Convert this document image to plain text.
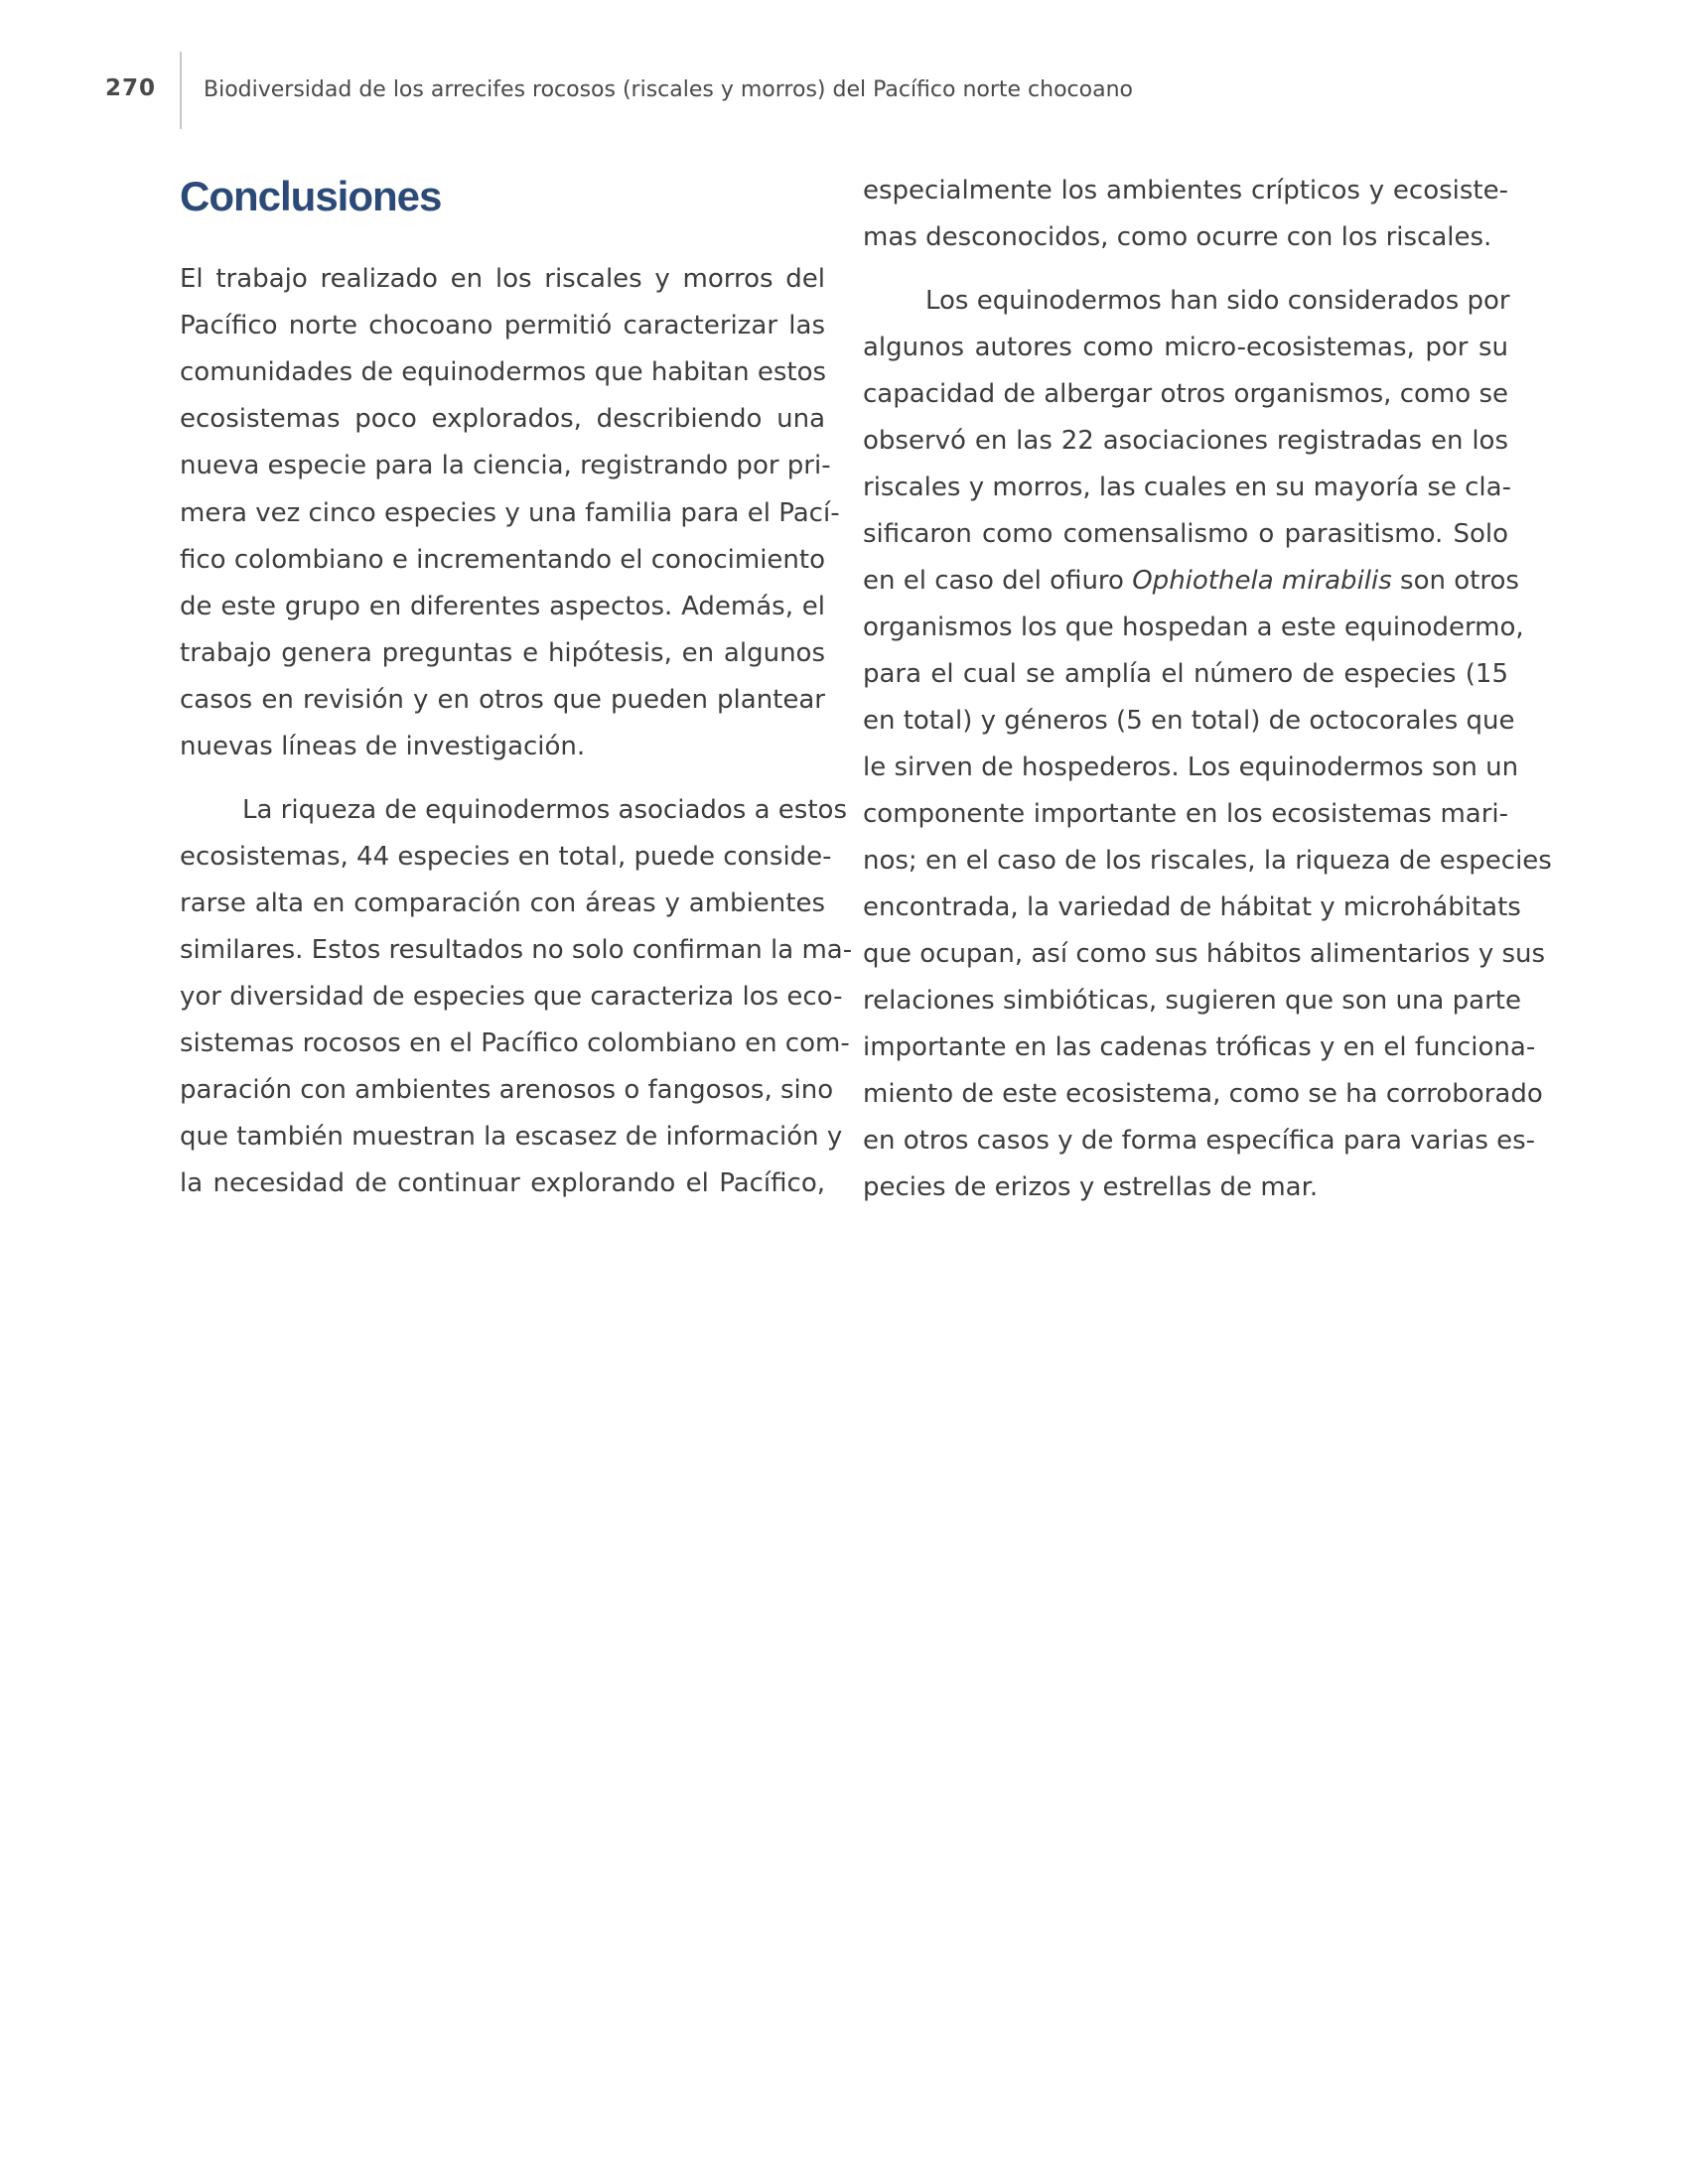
270 Biodiversidad de los arrecifes rocosos (riscales y morros) del Pacífico norte chocoano
Conclusiones
El trabajo realizado en los riscales y morros del
Pacífico norte chocoano permitió caracterizar las
comunidades de equinodermos que habitan estos
ecosistemas poco explorados, describiendo una
nueva especie para la ciencia, registrando por pri-
mera vez cinco especies y una familia para el Pací-
fico colombiano e incrementando el conocimiento
de este grupo en diferentes aspectos. Además, el
trabajo genera preguntas e hipótesis, en algunos
casos en revisión y en otros que pueden plantear
nuevas líneas de investigación.
La riqueza de equinodermos asociados a estos
ecosistemas, 44 especies en total, puede conside-
rarse alta en comparación con áreas y ambientes
similares. Estos resultados no solo confirman la ma-
yor diversidad de especies que caracteriza los eco-
sistemas rocosos en el Pacífico colombiano en com-
paración con ambientes arenosos o fangosos, sino
que también muestran la escasez de información y
la necesidad de continuar explorando el Pacífico,
especialmente los ambientes crípticos y ecosiste-
mas desconocidos, como ocurre con los riscales.
Los equinodermos han sido considerados por
algunos autores como micro-ecosistemas, por su
capacidad de albergar otros organismos, como se
observó en las 22 asociaciones registradas en los
riscales y morros, las cuales en su mayoría se cla-
sificaron como comensalismo o parasitismo. Solo
en el caso del ofiuro Ophiothela mirabilis son otros
organismos los que hospedan a este equinodermo,
para el cual se amplía el número de especies (15
en total) y géneros (5 en total) de octocorales que
le sirven de hospederos. Los equinodermos son un
componente importante en los ecosistemas mari-
nos; en el caso de los riscales, la riqueza de especies
encontrada, la variedad de hábitat y microhábitats
que ocupan, así como sus hábitos alimentarios y sus
relaciones simbióticas, sugieren que son una parte
importante en las cadenas tróficas y en el funciona-
miento de este ecosistema, como se ha corroborado
en otros casos y de forma específica para varias es-
pecies de erizos y estrellas de mar.
